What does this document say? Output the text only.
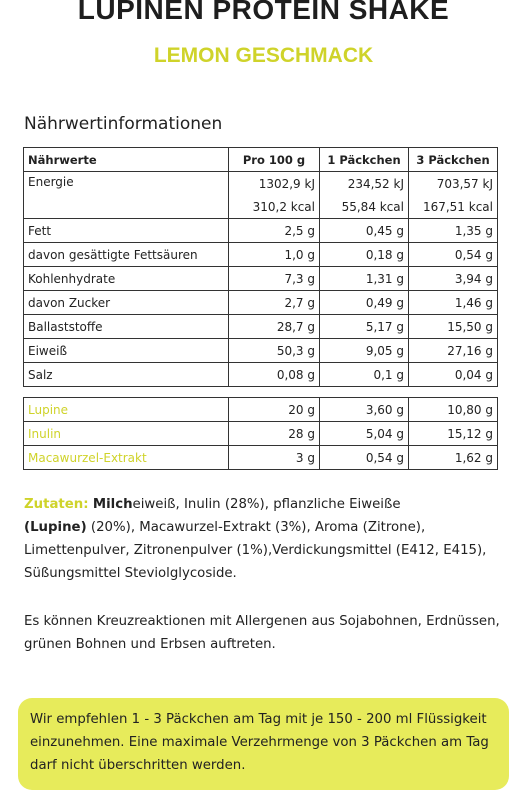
LUPINEN PROTEIN SHAKE
LEMON GESCHMACK
Nährwertinformationen
Nährwerte	Pro 100 g	1 Päckchen	3 Päckchen
Energie	1302,9 kJ	234,52 kJ	703,57 kJ
	310,2 kcal	55,84 kcal	167,51 kcal
Fett	2,5 g	0,45 g	1,35 g
davon gesättigte Fettsäuren	1,0 g	0,18 g	0,54 g
Kohlenhydrate	7,3 g	1,31 g	3,94 g
davon Zucker	2,7 g	0,49 g	1,46 g
Ballaststoffe	28,7 g	5,17 g	15,50 g
Eiweiß	50,3 g	9,05 g	27,16 g
Salz	0,08 g	0,1 g	0,04 g
Lupine	20 g	3,60 g	10,80 g
Inulin	28 g	5,04 g	15,12 g
Macawurzel-Extrakt	3 g	0,54 g	1,62 g
Zutaten: Milcheiweiß, Inulin (28%), pflanzliche Eiweiße
(Lupine) (20%), Macawurzel-Extrakt (3%), Aroma (Zitrone), Limettenpulver, Zitronenpulver (1%),Verdickungsmittel (E412, E415), Süßungsmittel Steviolglycoside.
Es können Kreuzreaktionen mit Allergenen aus Sojabohnen, Erdnüssen, grünen Bohnen und Erbsen auftreten.
Wir empfehlen 1 - 3 Päckchen am Tag mit je 150 - 200 ml Flüssigkeit einzunehmen. Eine maximale Verzehrmenge von 3 Päckchen am Tag darf nicht überschritten werden.
